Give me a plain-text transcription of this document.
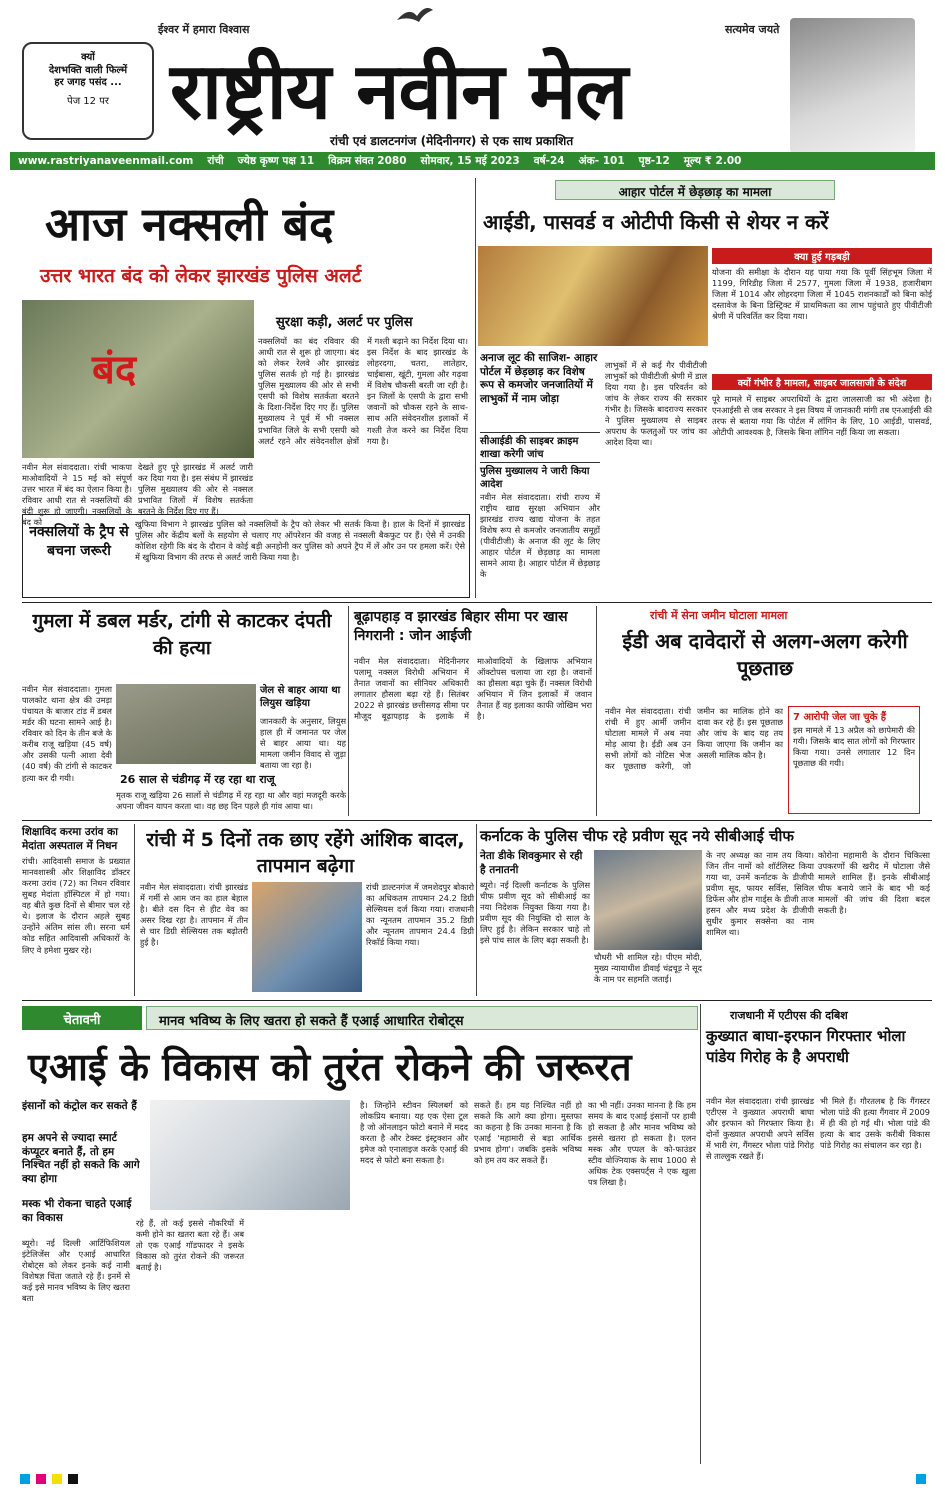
ईश्वर में हमारा विश्वास	सत्यमेव जयते
क्यों
देशभक्ति वाली फिल्में
हर जगह पसंद ...
पेज 12 पर राष्ट्रीय नवीन मेल
रांची एवं डालटनगंज (मेदिनीनगर) से एक साथ प्रकाशित
www.rastriyanaveenmail.com रांची ज्येष्ठ कृष्ण पक्ष 11 विक्रम संवत 2080 सोमवार, 15 मई 2023 वर्ष-24 अंक- 101 पृष्ठ-12 मूल्य ₹ 2.00
आज नक्सली बंद
उत्तर भारत बंद को लेकर झारखंड पुलिस अलर्ट
बंद
सुरक्षा कड़ी, अलर्ट पर पुलिस
नवीन मेल संवाददाता। रांची भाकपा माओवादियों ने 15 मई को संपूर्ण उत्तर भारत में बंद का ऐलान किया है। रविवार आधी रात से नक्सलियों की बंदी शुरू हो जाएगी। नक्सलियों के बंद को
देखते हुए पूरे झारखंड में अलर्ट जारी कर दिया गया है। इस संबंध में झारखंड पुलिस मुख्यालय की ओर से नक्सल प्रभावित जिलों में विशेष सतर्कता बरतने के निर्देश दिए गए हैं।
नक्सलियों का बंद रविवार की आधी रात से शुरू हो जाएगा। बंद को लेकर रेलवे और झारखंड पुलिस सतर्क हो गई है। झारखंड पुलिस मुख्यालय की ओर से सभी एसपी को विशेष सतर्कता बरतने के दिशा-निर्देश दिए गए हैं। पुलिस मुख्यालय ने पूर्व में भी नक्सल प्रभावित जिले के सभी एसपी को अलर्ट रहने और संवेदनशील क्षेत्रों में गश्ती बढ़ाने का निर्देश दिया था। इस निर्देश के बाद झारखंड के लोहरदगा, चतरा, लातेहार, चाईबासा, खूंटी, गुमला और गढ़वा में विशेष चौकसी बरती जा रही है। इन जिलों के एसपी के द्वारा सभी जवानों को चौकस रहने के साथ-साथ अति संवेदनशील इलाकों में गश्ती तेज करने का निर्देश दिया गया है।
नक्सलियों के ट्रैप से बचना जरूरी
खुफिया विभाग ने झारखंड पुलिस को नक्सलियों के ट्रैप को लेकर भी सतर्क किया है। हाल के दिनों में झारखंड पुलिस और केंद्रीय बलों के सहयोग से चलाए गए ऑपरेशन की वजह से नक्सली बैकफुट पर हैं। ऐसे में उनकी कोशिश रहेगी कि बंद के दौरान वे कोई बड़ी अनहोनी कर पुलिस को अपने ट्रैप में लें और उन पर हमला करें। ऐसे में खुफिया विभाग की तरफ से अलर्ट जारी किया गया है।
आहार पोर्टल में छेड़छाड़ का मामला
आईडी, पासवर्ड व ओटीपी किसी से शेयर न करें
क्या हुई गड़बड़ी
योजना की समीक्षा के दौरान यह पाया गया कि पूर्वी सिंहभूम जिला में 1199, गिरिडीह जिला में 2577, गुमला जिला में 1938, हजारीबाग जिला में 1014 और लोहरदगा जिला में 1045 राशनकार्डों को बिना कोई दस्तावेज के बिना डिस्ट्रिक्ट में प्राथमिकता का लाभ पहुंचाते हुए पीवीटीजी श्रेणी में परिवर्तित कर दिया गया।
क्यों गंभीर है मामला, साइबर जालसाजी के संदेश
पूरे मामले में साइबर अपराधियों के द्वारा जालसाजी का भी अंदेशा है। एनआईसी से जब सरकार ने इस विषय में जानकारी मांगी तब एनआईसी की तरफ से बताया गया कि पोर्टल में लॉगिन के लिए, 10 आईडी, पासवर्ड, ओटीपी आवश्यक है, जिसके बिना लॉगिन नहीं किया जा सकता।
अनाज लूट की साजिश- आहार पोर्टल में छेड़छाड़ कर विशेष रूप से कमजोर जनजातियों में लाभुकों में नाम जोड़ा
सीआईडी की साइबर क्राइम शाखा करेगी जांच
पुलिस मुख्यालय ने जारी किया आदेश
नवीन मेल संवाददाता। रांची राज्य में राष्ट्रीय खाद्य सुरक्षा अभियान और झारखंड राज्य खाद्य योजना के तहत विशेष रूप से कमजोर जनजातीय समूहों (पीवीटीजी) के अनाज की लूट के लिए आहार पोर्टल में छेड़छाड़ का मामला सामने आया है। आहार पोर्टल में छेड़छाड़ के
लाभुकों में से कई गैर पीवीटीजी लाभुकों को पीवीटीजी श्रेणी में डाल दिया गया है। इस परिवर्तन को जांच के लेकर राज्य की सरकार गंभीर है। जिसके बादराज्य सरकार ने पुलिस मुख्यालय से साइबर अपराध के फलतुओं पर जांच का आदेश दिया था।
गुमला में डबल मर्डर, टांगी से काटकर दंपती की हत्या
नवीन मेल संवाददाता। गुमला पालकोट थाना क्षेत्र की उमड़ा पंचायत के बाजार टांड में डबल मर्डर की घटना सामने आई है। रविवार को दिन के तीन बजे के करीब राजू खड़िया (45 वर्ष) और उसकी पत्नी आशा देवी (40 वर्ष) की टांगी से काटकर हत्या कर दी गयी।
जेल से बाहर आया था लियुस खड़िया
जानकारी के अनुसार, लियुस हाल ही में जमानत पर जेल से बाहर आया था। यह मामला जमीन विवाद से जुड़ा बताया जा रहा है।
26 साल से चंडीगढ़ में रह रहा था राजू
मृतक राजू खड़िया 26 सालों से चंडीगढ़ में रह रहा था और वहां मजदूरी करके अपना जीवन यापन करता था। वह छह दिन पहले ही गांव आया था।
बूढ़ापहाड़ व झारखंड बिहार सीमा पर खास निगरानी : जोन आईजी
नवीन मेल संवाददाता। मेदिनीनगर पलामू नक्सल विरोधी अभियान में तैनात जवानों का सीनियर अधिकारी लगातार हौसला बढ़ा रहे हैं। सितंबर 2022 से झारखंड छत्तीसगढ़ सीमा पर मौजूद बूढ़ापहाड़ के इलाके में माओवादियों के खिलाफ अभियान ऑक्टोपस चलाया जा रहा है। जवानों का हौसला बढ़ा चुके हैं। नक्सल विरोधी अभियान में जिन इलाकों में जवान तैनात हैं वह इलाका काफी जोखिम भरा है।
रांची में सेना जमीन घोटाला मामला
ईडी अब दावेदारों से अलग-अलग करेगी पूछताछ
नवीन मेल संवाददाता। रांची रांची में हुए आर्मी जमीन घोटाला मामले में अब नया मोड़ आया है। ईडी अब उन सभी लोगों को नोटिस भेज कर पूछताछ करेगी, जो जमीन का मालिक होने का दावा कर रहे हैं। इस पूछताछ और जांच के बाद यह तय किया जाएगा कि जमीन का असली मालिक कौन है।
7 आरोपी जेल जा चुके हैं
इस मामले में 13 अप्रैल को छापेमारी की गयी। जिसके बाद सात लोगों को गिरफ्तार किया गया। उनसे लगातार 12 दिन पूछताछ की गयी।
शिक्षाविद करमा उरांव का मेदांता अस्पताल में निधन
रांची। आदिवासी समाज के प्रख्यात मानवशास्त्री और शिक्षाविद डॉक्टर करमा उरांव (72) का निधन रविवार सुबह मेदांता हॉस्पिटल में हो गया। वह बीते कुछ दिनों से बीमार चल रहे थे। इलाज के दौरान अहले सुबह उन्होंने अंतिम सांस ली। सरना धर्म कोड सहित आदिवासी अधिकारों के लिए वे हमेशा मुखर रहे।
रांची में 5 दिनों तक छाए रहेंगे आंशिक बादल, तापमान बढ़ेगा
नवीन मेल संवाददाता। रांची झारखंड में गर्मी से आम जन का हाल बेहाल है। बीते दस दिन से हीट वेव का असर दिख रहा है। तापमान में तीन से चार डिग्री सेल्सियस तक बढ़ोतरी हुई है।
रांची डाल्टनगंज में जमशेदपुर बोकारो का अधिकतम तापमान 24.2 डिग्री सेल्सियस दर्ज किया गया। राजधानी का न्यूनतम तापमान 35.2 डिग्री और न्यूनतम तापमान 24.4 डिग्री रिकॉर्ड किया गया।
कर्नाटक के पुलिस चीफ रहे प्रवीण सूद नये सीबीआई चीफ
नेता डीके शिवकुमार से रही है तनातनी
ब्यूरो। नई दिल्ली कर्नाटक के पुलिस चीफ प्रवीण सूद को सीबीआई का नया निदेशक नियुक्त किया गया है। प्रवीण सूद की नियुक्ति दो साल के लिए हुई है। लेकिन सरकार चाहे तो इसे पांच साल के लिए बढ़ा सकती है।
चौधरी भी शामिल रहे। पीएम मोदी, मुख्य न्यायाधीश डीवाई चंद्रचूड़ ने सूद के नाम पर सहमति जताई।
के नए अध्यक्ष का नाम तय किया। जिन तीन नामों को शॉर्टलिस्ट किया गया था, उनमें कर्नाटक के डीजीपी प्रवीण सूद, फायर सर्विस, सिविल डिफेंस और होम गार्ड्स के डीजी ताज हसन और मध्य प्रदेश के डीजीपी सुधीर कुमार सक्सेना का नाम शामिल था।
कोरोना महामारी के दौरान चिकित्सा उपकरणों की खरीद में घोटाला जैसे मामले शामिल हैं। इनके सीबीआई चीफ बनाये जाने के बाद भी कई मामलों की जांच की दिशा बदल सकती है।
चेतावनी	मानव भविष्य के लिए खतरा हो सकते हैं एआई आधारित रोबोट्स
एआई के विकास को तुरंत रोकने की जरूरत
इंसानों को कंट्रोल कर सकते हैं
हम अपने से ज्यादा स्मार्ट कंप्यूटर बनाते हैं, तो हम निश्चित नहीं हो सकते कि आगे क्या होगा
मस्क भी रोकना चाहते एआई का विकास
ब्यूरो। नई दिल्ली आर्टिफिशियल इंटेलिजेंस और एआई आधारित रोबोट्स को लेकर इनके कई नामी विशेषज्ञ चिंता जताते रहे हैं। इनमें से कई इसे मानव भविष्य के लिए खतरा बता
रहे हैं, तो कई इससे नौकरियों में कमी होने का खतरा बता रहे हैं। अब तो एक एआई गॉडफादर ने इसके विकास को तुरंत रोकने की जरूरत बताई है।
है। जिन्होंने स्टीवन स्पिलबर्ग को लोकप्रिय बनाया। यह एक ऐसा टूल है जो ऑनलाइन फोटो बनाने में मदद करता है और टेक्स्ट इंस्ट्रक्शन और इमेज को एनालाइज करके एआई की मदद से फोटो बना सकता है।
सकते हैं। हम यह निश्चित नहीं हो सकते कि आगे क्या होगा। मुस्तफा का कहना है कि उनका मानना है कि एआई 'महामारी से बड़ा आर्थिक प्रभाव होगा'। जबकि इसके भविष्य को हम तय कर सकते हैं।
का भी नहीं। उनका मानना है कि हम समय के बाद एआई इंसानों पर हावी हो सकता है और मानव भविष्य को इससे खतरा हो सकता है। एलन मस्क और एप्पल के को-फाउंडर स्टीव वोज्नियाक के साथ 1000 से अधिक टेक एक्सपर्ट्स ने एक खुला पत्र लिखा है।
राजधानी में एटीएस की दबिश
कुख्यात बाघा-इरफान गिरफ्तार भोला पांडेय गिरोह के है अपराधी
नवीन मेल संवाददाता। रांची झारखंड एटीएस ने कुख्यात अपराधी बाघा और इरफान को गिरफ्तार किया है। दोनों कुख्यात अपराधी अपने सर्विस में भारी रंग, गैंगस्टर भोला पांडे गिरोह से ताल्लुक रखते हैं।
भी मिले हैं। गौरतलब है कि गैंगस्टर भोला पांडे की हत्या गैंगवार में 2009 में ही की हो गई थी। भोला पांडे की हत्या के बाद उसके करीबी विकास पांडे गिरोह का संचालन कर रहा है।
